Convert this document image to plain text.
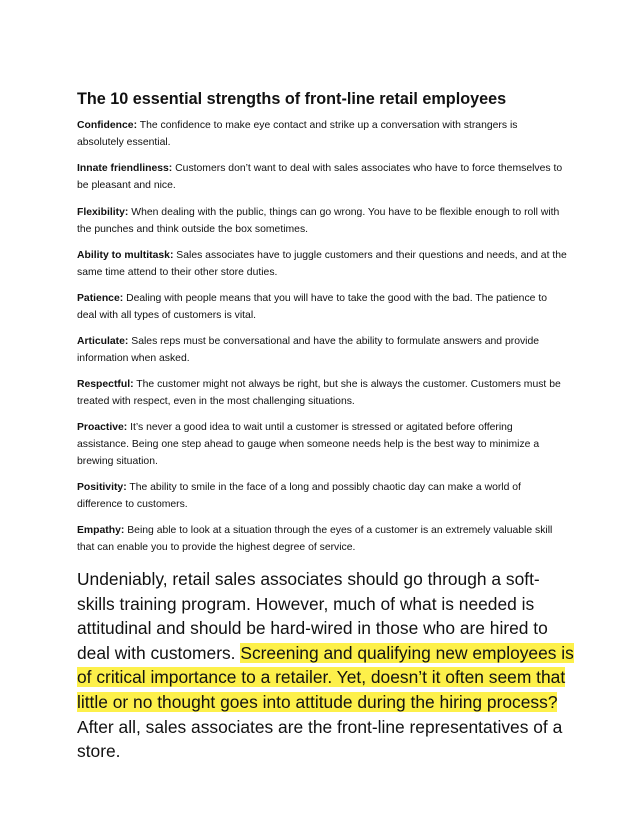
The 10 essential strengths of front-line retail employees

Confidence: The confidence to make eye contact and strike up a conversation with strangers is absolutely essential.

Innate friendliness: Customers don’t want to deal with sales associates who have to force themselves to be pleasant and nice.

Flexibility: When dealing with the public, things can go wrong. You have to be flexible enough to roll with the punches and think outside the box sometimes.

Ability to multitask: Sales associates have to juggle customers and their questions and needs, and at the same time attend to their other store duties.

Patience: Dealing with people means that you will have to take the good with the bad. The patience to deal with all types of customers is vital.

Articulate: Sales reps must be conversational and have the ability to formulate answers and provide information when asked.

Respectful: The customer might not always be right, but she is always the customer. Customers must be treated with respect, even in the most challenging situations.

Proactive: It’s never a good idea to wait until a customer is stressed or agitated before offering assistance. Being one step ahead to gauge when someone needs help is the best way to minimize a brewing situation.

Positivity: The ability to smile in the face of a long and possibly chaotic day can make a world of difference to customers.

Empathy: Being able to look at a situation through the eyes of a customer is an extremely valuable skill that can enable you to provide the highest degree of service.

Undeniably, retail sales associates should go through a soft-skills training program. However, much of what is needed is attitudinal and should be hard-wired in those who are hired to deal with customers. Screening and qualifying new employees is of critical importance to a retailer. Yet, doesn’t it often seem that little or no thought goes into attitude during the hiring process? After all, sales associates are the front-line representatives of a store.
